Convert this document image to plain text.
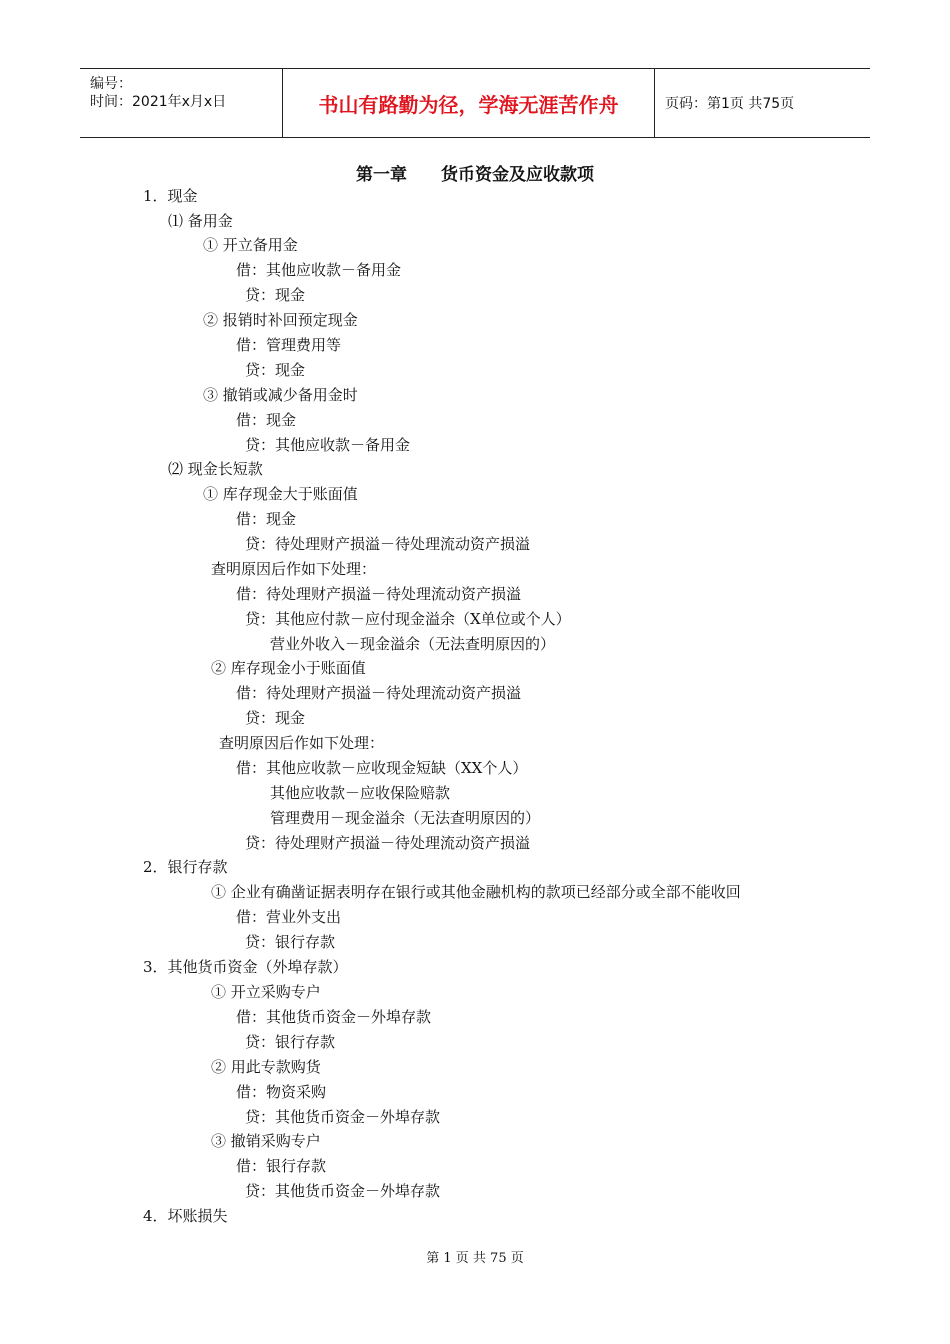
编号：
时间：2021年x月x日	书山有路勤为径，学海无涯苦作舟	页码：第1页 共75页
第一章　　货币资金及应收款项
1．现金
⑴ 备用金
① 开立备用金
借：其他应收款－备用金
贷：现金
② 报销时补回预定现金
借：管理费用等
贷：现金
③ 撤销或减少备用金时
借：现金
贷：其他应收款－备用金
⑵ 现金长短款
① 库存现金大于账面值
借：现金
贷：待处理财产损溢－待处理流动资产损溢
查明原因后作如下处理：
借：待处理财产损溢－待处理流动资产损溢
贷：其他应付款－应付现金溢余（X单位或个人）
营业外收入－现金溢余（无法查明原因的）
② 库存现金小于账面值
借：待处理财产损溢－待处理流动资产损溢
贷：现金
查明原因后作如下处理：
借：其他应收款－应收现金短缺（XX个人）
其他应收款－应收保险赔款
管理费用－现金溢余（无法查明原因的）
贷：待处理财产损溢－待处理流动资产损溢
2．银行存款
① 企业有确凿证据表明存在银行或其他金融机构的款项已经部分或全部不能收回
借：营业外支出
贷：银行存款
3．其他货币资金（外埠存款）
① 开立采购专户
借：其他货币资金－外埠存款
贷：银行存款
② 用此专款购货
借：物资采购
贷：其他货币资金－外埠存款
③ 撤销采购专户
借：银行存款
贷：其他货币资金－外埠存款
4．坏账损失
第 1 页 共 75 页
